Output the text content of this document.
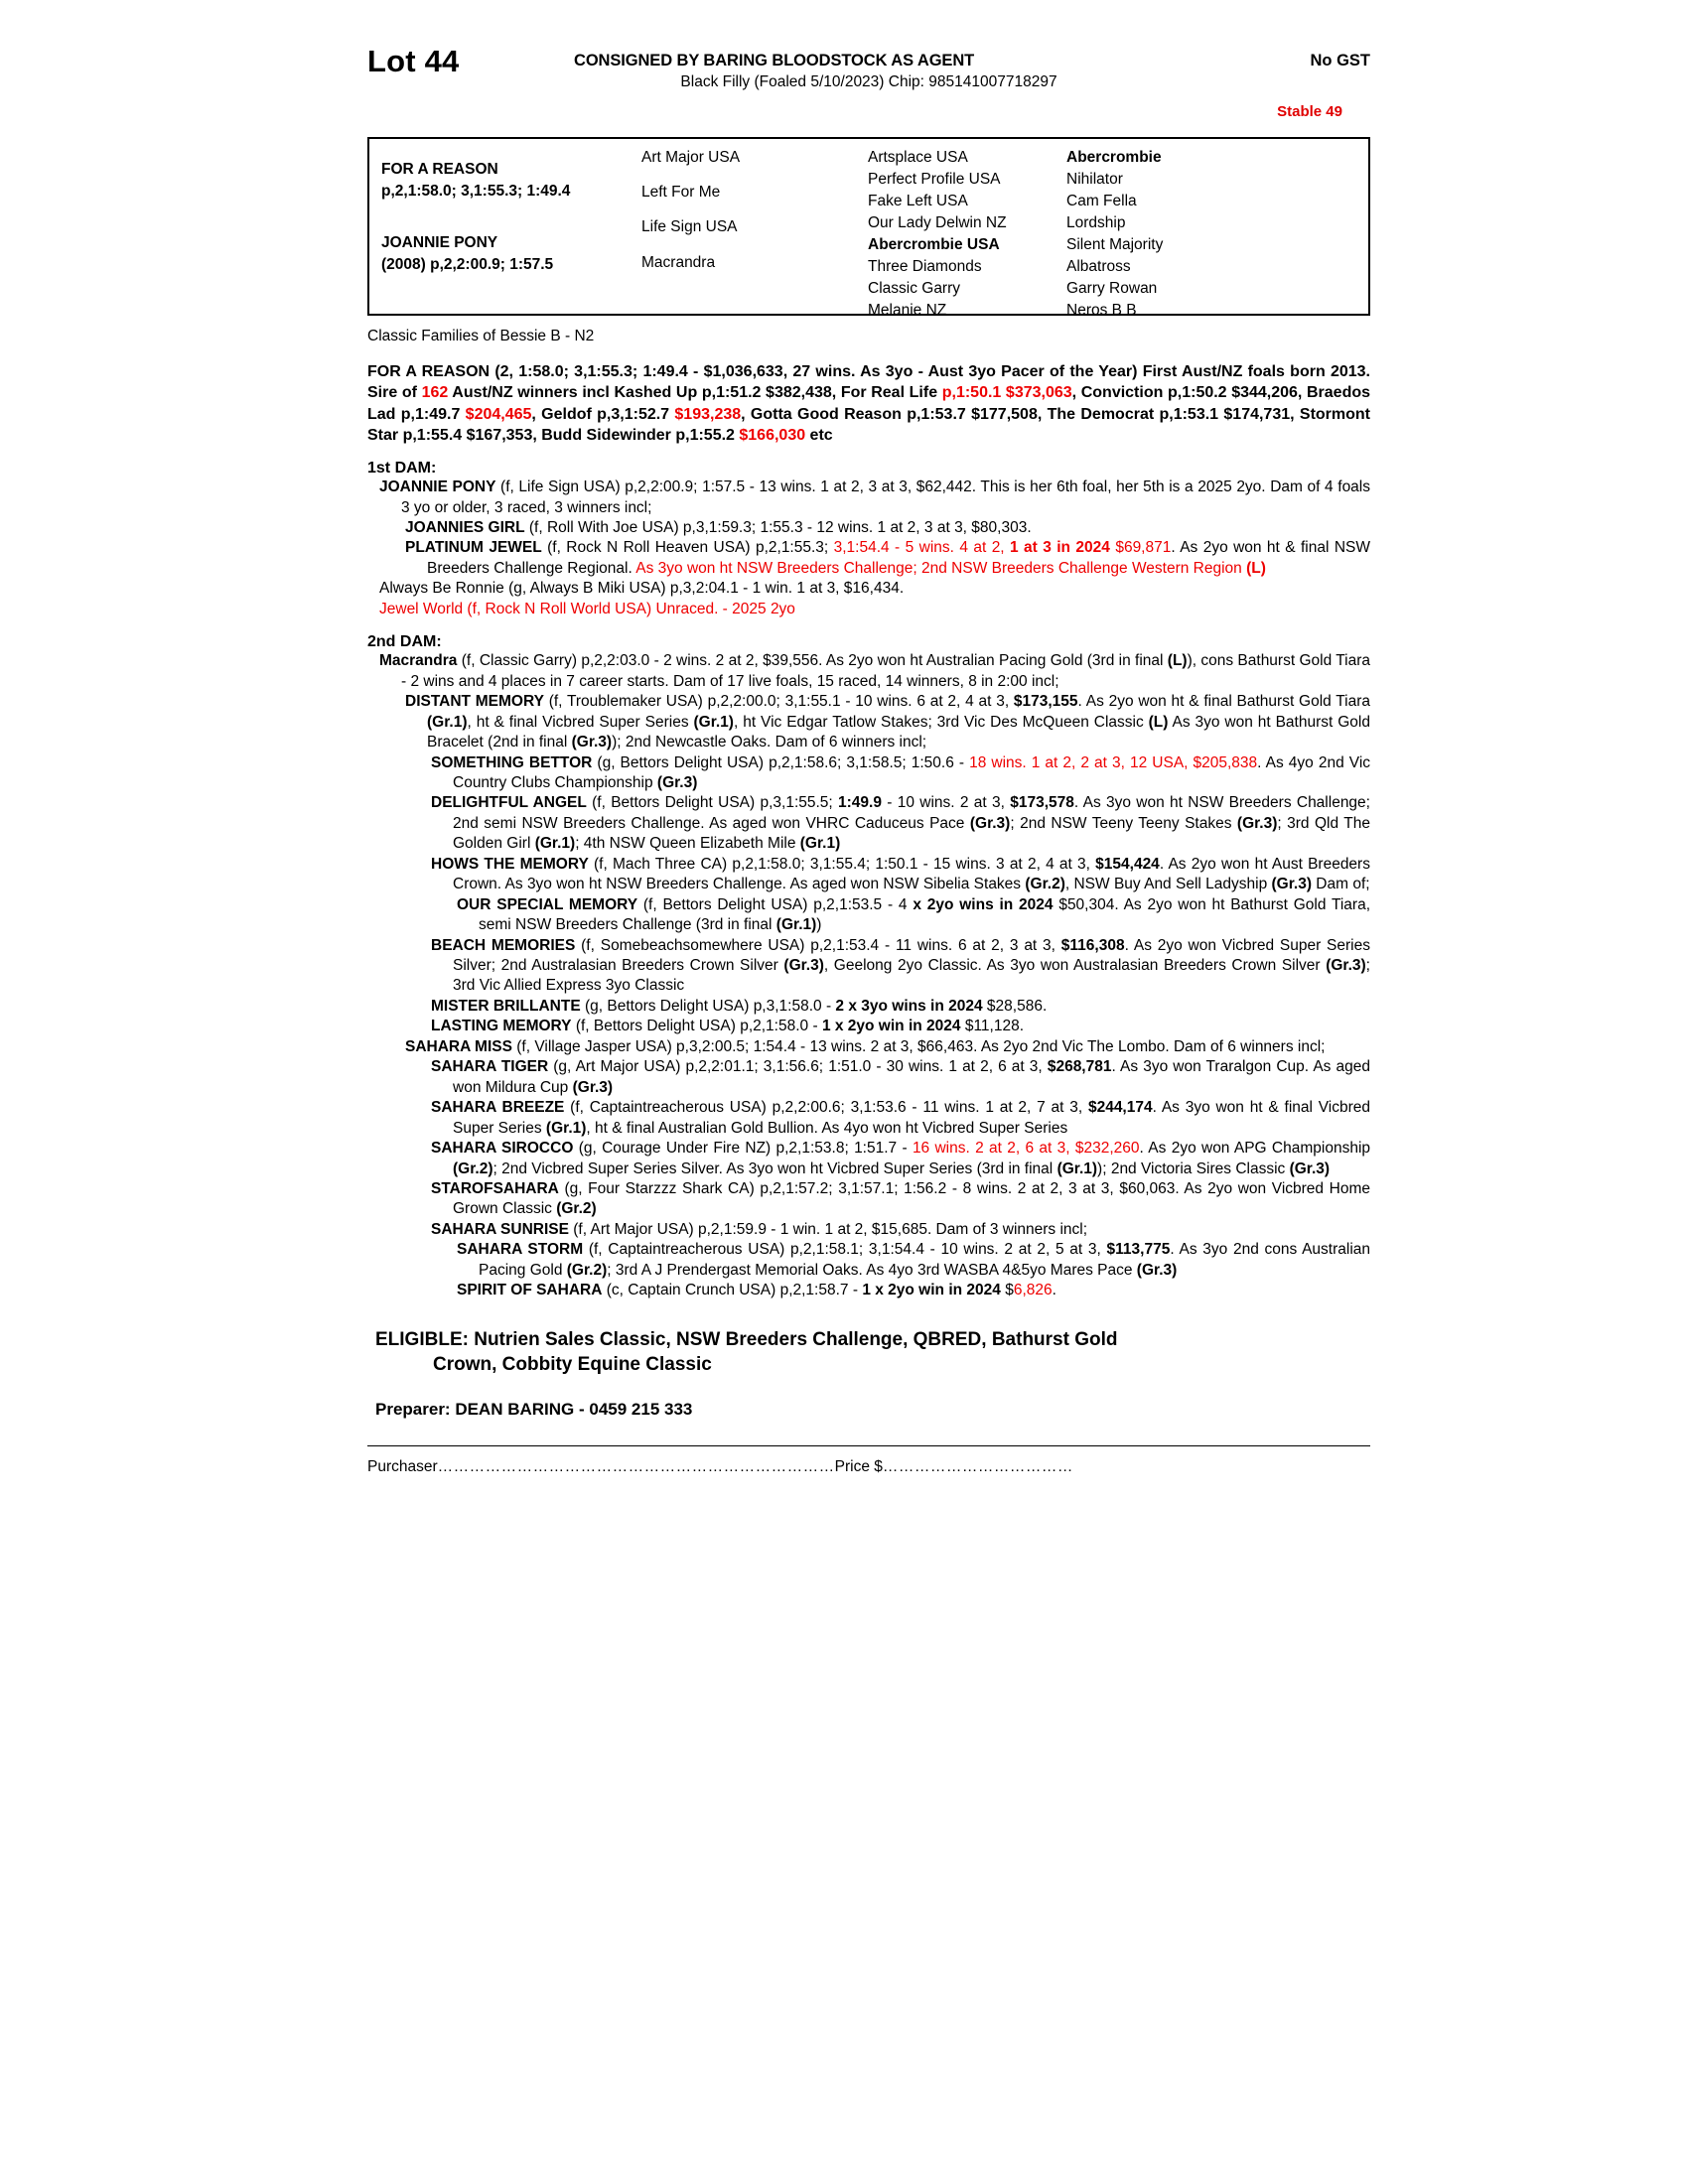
Lot 44	CONSIGNED BY BARING BLOODSTOCK AS AGENT	No GST
Black Filly (Foaled 5/10/2023) Chip: 985141007718297
Stable 49
FOR A REASON
p,2,1:58.0; 3,1:55.3; 1:49.4
JOANNIE PONY
(2008) p,2,2:00.9; 1:57.5
Art Major USA
Left For Me
Life Sign USA
Macrandra
Artsplace USA
Perfect Profile USA
Fake Left USA
Our Lady Delwin NZ
Abercrombie USA
Three Diamonds
Classic Garry
Melanie NZ
Abercrombie
Nihilator
Cam Fella
Lordship
Silent Majority
Albatross
Garry Rowan
Neros B B
Classic Families of Bessie B - N2
FOR A REASON (2, 1:58.0; 3,1:55.3; 1:49.4 - $1,036,633, 27 wins. As 3yo - Aust 3yo Pacer of the Year) First Aust/NZ foals born 2013. Sire of 162 Aust/NZ winners incl Kashed Up p,1:51.2 $382,438, For Real Life p,1:50.1 $373,063, Conviction p,1:50.2 $344,206, Braedos Lad p,1:49.7 $204,465, Geldof p,3,1:52.7 $193,238, Gotta Good Reason p,1:53.7 $177,508, The Democrat p,1:53.1 $174,731, Stormont Star p,1:55.4 $167,353, Budd Sidewinder p,1:55.2 $166,030 etc
1st DAM:

JOANNIE PONY (f, Life Sign USA) p,2,2:00.9; 1:57.5 - 13 wins. 1 at 2, 3 at 3, $62,442. This is her 6th foal, her 5th is a 2025 2yo. Dam of 4 foals 3 yo or older, 3 raced, 3 winners incl;

JOANNIES GIRL (f, Roll With Joe USA) p,3,1:59.3; 1:55.3 - 12 wins. 1 at 2, 3 at 3, $80,303.

PLATINUM JEWEL (f, Rock N Roll Heaven USA) p,2,1:55.3; 3,1:54.4 - 5 wins. 4 at 2, 1 at 3 in 2024 $69,871. As 2yo won ht & final NSW Breeders Challenge Regional. As 3yo won ht NSW Breeders Challenge; 2nd NSW Breeders Challenge Western Region (L)

Always Be Ronnie (g, Always B Miki USA) p,3,2:04.1 - 1 win. 1 at 3, $16,434.

Jewel World (f, Rock N Roll World USA) Unraced. - 2025 2yo

2nd DAM:

Macrandra (f, Classic Garry) p,2,2:03.0 - 2 wins. 2 at 2, $39,556. As 2yo won ht Australian Pacing Gold (3rd in final (L)), cons Bathurst Gold Tiara - 2 wins and 4 places in 7 career starts. Dam of 17 live foals, 15 raced, 14 winners, 8 in 2:00 incl;

DISTANT MEMORY (f, Troublemaker USA) p,2,2:00.0; 3,1:55.1 - 10 wins. 6 at 2, 4 at 3, $173,155. As 2yo won ht & final Bathurst Gold Tiara (Gr.1), ht & final Vicbred Super Series (Gr.1), ht Vic Edgar Tatlow Stakes; 3rd Vic Des McQueen Classic (L) As 3yo won ht Bathurst Gold Bracelet (2nd in final (Gr.3)); 2nd Newcastle Oaks. Dam of 6 winners incl;

SOMETHING BETTOR (g, Bettors Delight USA) p,2,1:58.6; 3,1:58.5; 1:50.6 - 18 wins. 1 at 2, 2 at 3, 12 USA, $205,838. As 4yo 2nd Vic Country Clubs Championship (Gr.3)

DELIGHTFUL ANGEL (f, Bettors Delight USA) p,3,1:55.5; 1:49.9 - 10 wins. 2 at 3, $173,578. As 3yo won ht NSW Breeders Challenge; 2nd semi NSW Breeders Challenge. As aged won VHRC Caduceus Pace (Gr.3); 2nd NSW Teeny Teeny Stakes (Gr.3); 3rd Qld The Golden Girl (Gr.1); 4th NSW Queen Elizabeth Mile (Gr.1)

HOWS THE MEMORY (f, Mach Three CA) p,2,1:58.0; 3,1:55.4; 1:50.1 - 15 wins. 3 at 2, 4 at 3, $154,424. As 2yo won ht Aust Breeders Crown. As 3yo won ht NSW Breeders Challenge. As aged won NSW Sibelia Stakes (Gr.2), NSW Buy And Sell Ladyship (Gr.3) Dam of;

OUR SPECIAL MEMORY (f, Bettors Delight USA) p,2,1:53.5 - 4 x 2yo wins in 2024 $50,304. As 2yo won ht Bathurst Gold Tiara, semi NSW Breeders Challenge (3rd in final (Gr.1))

BEACH MEMORIES (f, Somebeachsomewhere USA) p,2,1:53.4 - 11 wins. 6 at 2, 3 at 3, $116,308. As 2yo won Vicbred Super Series Silver; 2nd Australasian Breeders Crown Silver (Gr.3), Geelong 2yo Classic. As 3yo won Australasian Breeders Crown Silver (Gr.3); 3rd Vic Allied Express 3yo Classic

MISTER BRILLANTE (g, Bettors Delight USA) p,3,1:58.0 - 2 x 3yo wins in 2024 $28,586.

LASTING MEMORY (f, Bettors Delight USA) p,2,1:58.0 - 1 x 2yo win in 2024 $11,128.

SAHARA MISS (f, Village Jasper USA) p,3,2:00.5; 1:54.4 - 13 wins. 2 at 3, $66,463. As 2yo 2nd Vic The Lombo. Dam of 6 winners incl;

SAHARA TIGER (g, Art Major USA) p,2,2:01.1; 3,1:56.6; 1:51.0 - 30 wins. 1 at 2, 6 at 3, $268,781. As 3yo won Traralgon Cup. As aged won Mildura Cup (Gr.3)

SAHARA BREEZE (f, Captaintreacherous USA) p,2,2:00.6; 3,1:53.6 - 11 wins. 1 at 2, 7 at 3, $244,174. As 3yo won ht & final Vicbred Super Series (Gr.1), ht & final Australian Gold Bullion. As 4yo won ht Vicbred Super Series

SAHARA SIROCCO (g, Courage Under Fire NZ) p,2,1:53.8; 1:51.7 - 16 wins. 2 at 2, 6 at 3, $232,260. As 2yo won APG Championship (Gr.2); 2nd Vicbred Super Series Silver. As 3yo won ht Vicbred Super Series (3rd in final (Gr.1)); 2nd Victoria Sires Classic (Gr.3)

STAROFSAHARA (g, Four Starzzz Shark CA) p,2,1:57.2; 3,1:57.1; 1:56.2 - 8 wins. 2 at 2, 3 at 3, $60,063. As 2yo won Vicbred Home Grown Classic (Gr.2)

SAHARA SUNRISE (f, Art Major USA) p,2,1:59.9 - 1 win. 1 at 2, $15,685. Dam of 3 winners incl;

SAHARA STORM (f, Captaintreacherous USA) p,2,1:58.1; 3,1:54.4 - 10 wins. 2 at 2, 5 at 3, $113,775. As 3yo 2nd cons Australian Pacing Gold (Gr.2); 3rd A J Prendergast Memorial Oaks. As 4yo 3rd WASBA 4&5yo Mares Pace (Gr.3)

SPIRIT OF SAHARA (c, Captain Crunch USA) p,2,1:58.7 - 1 x 2yo win in 2024 $6,826.

ELIGIBLE: Nutrien Sales Classic, NSW Breeders Challenge, QBRED, Bathurst Gold
Crown, Cobbity Equine Classic
Preparer: DEAN BARING - 0459 215 333
Purchaser…………………………………………………………………Price $………………………………
